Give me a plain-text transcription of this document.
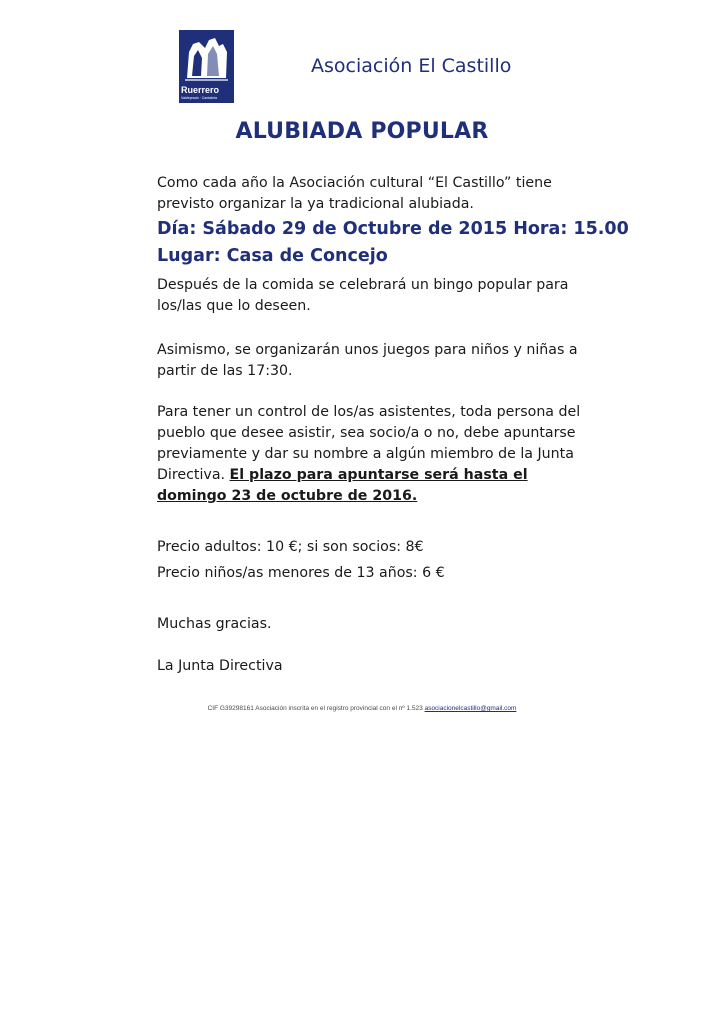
Ruerrero
Valdeprado · Cantabria
Asociación El Castillo
ALUBIADA POPULAR
Como cada año la Asociación cultural “El Castillo” tiene previsto organizar la ya tradicional alubiada.
Día: Sábado 29 de Octubre de 2015 Hora: 15.00
Lugar: Casa de Concejo
Después de la comida se celebrará un bingo popular para los/las que lo deseen.
Asimismo, se organizarán unos juegos para niños y niñas a partir de las 17:30.
Para tener un control de los/as asistentes, toda persona del pueblo que desee asistir, sea socio/a o no, debe apuntarse previamente y dar su nombre a algún miembro de la Junta Directiva. El plazo para apuntarse será hasta el domingo 23 de octubre de 2016.
Precio adultos: 10 €; si son socios: 8€
Precio niños/as menores de 13 años: 6 €
Muchas gracias.
La Junta Directiva
CIF G39298161 Asociación inscrita en el registro provincial con el nº 1.523 asociacionelcastillo@gmail.com
